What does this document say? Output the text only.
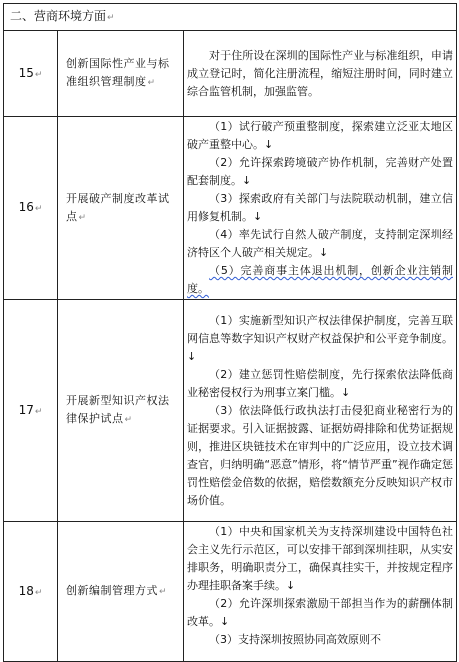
二、营商环境方面↵		
15↵	创新国际性产业与标准组织管理制度↵	对于住所设在深圳的国际性产业与标准组织，申请成立登记时，简化注册流程，缩短注册时间，同时建立综合监管机制，加强监管。

16↵	开展破产制度改革试点↵	（1）试行破产预重整制度，探索建立泛亚太地区破产重整中心。↓

（2）允许探索跨境破产协作机制，完善财产处置配套制度。↓

（3）探索政府有关部门与法院联动机制，建立信用修复机制。↓

（4）率先试行自然人破产制度，支持制定深圳经济特区个人破产相关规定。↓

（5）完善商事主体退出机制，创新企业注销制度。

17↵	开展新型知识产权法律保护试点↵	（1）实施新型知识产权法律保护制度，完善互联网信息等数字知识产权财产权益保护和公平竞争制度。↓

（2）建立惩罚性赔偿制度，先行探索依法降低商业秘密侵权行为刑事立案门槛。↓

（3）依法降低行政执法打击侵犯商业秘密行为的证据要求。引入证据披露、证据妨碍排除和优势证据规则，推进区块链技术在审判中的广泛应用，设立技术调查官，归纳明确“恶意”情形，将“情节严重”视作确定惩罚性赔偿金倍数的依据，赔偿数额充分反映知识产权市场价值。

18↵	创新编制管理方式↵	（1）中央和国家机关为支持深圳建设中国特色社会主义先行示范区，可以安排干部到深圳挂职，从实安排职务，明确职责分工，确保真挂实干，并按规定程序办理挂职备案手续。↓

（2）允许深圳探索激励干部担当作为的薪酬体制改革。↓

（3）支持深圳按照协同高效原则不
